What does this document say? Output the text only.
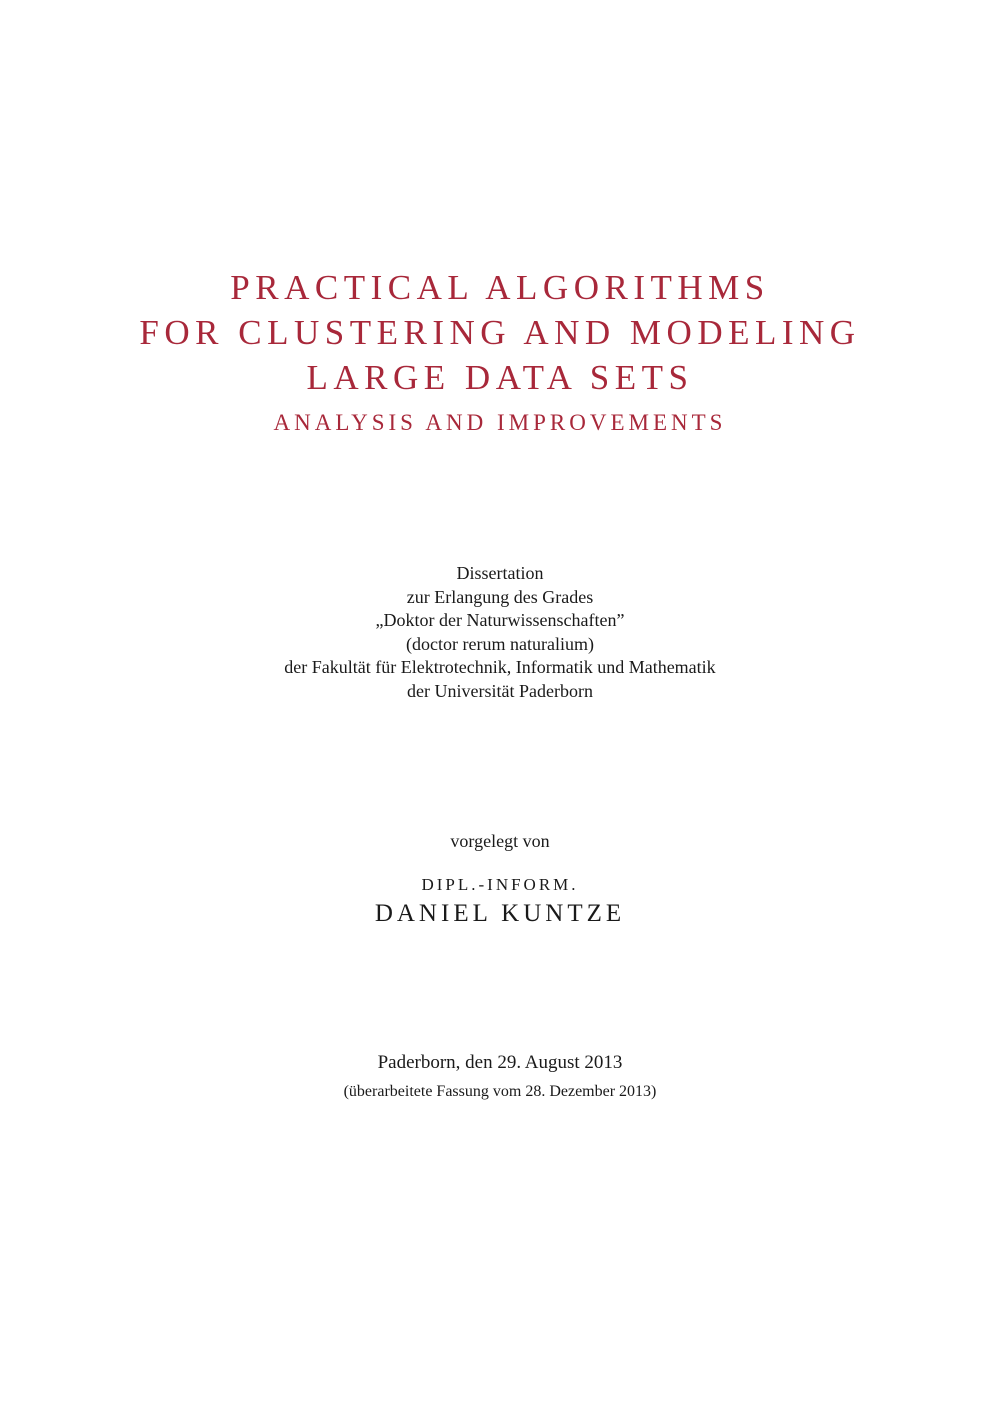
PRACTICAL ALGORITHMS
FOR CLUSTERING AND MODELING
LARGE DATA SETS
ANALYSIS AND IMPROVEMENTS
Dissertation
zur Erlangung des Grades
„Doktor der Naturwissenschaften”
(doctor rerum naturalium)
der Fakultät für Elektrotechnik, Informatik und Mathematik
der Universität Paderborn
vorgelegt von
DIPL.-INFORM.
DANIEL KUNTZE
Paderborn, den 29. August 2013
(überarbeitete Fassung vom 28. Dezember 2013)
